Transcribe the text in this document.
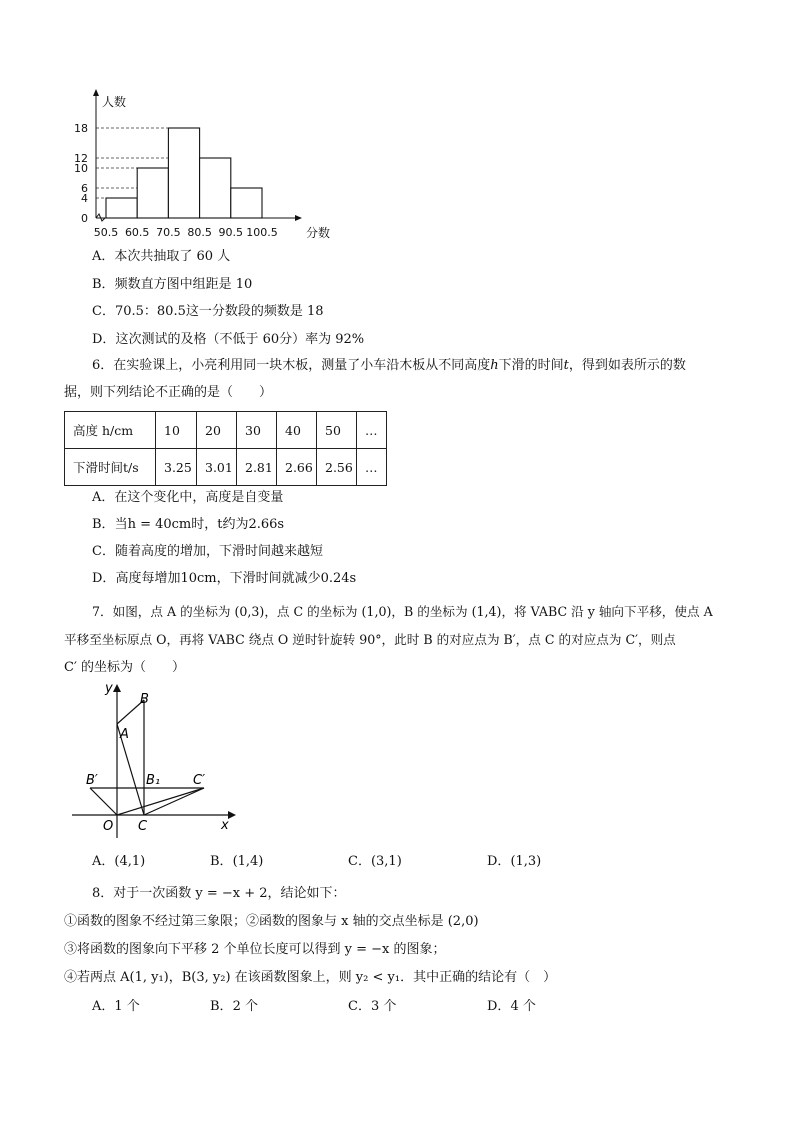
0
4
6
10
12
18
50.5 60.5 70.5 80.5 90.5 100.5
人数
分数
A．本次共抽取了 60 人
B．频数直方图中组距是 10
C．70.5：80.5这一分数段的频数是 18
D．这次测试的及格（不低于 60分）率为 92%
6．在实验课上，小亮利用同一块木板，测量了小车沿木板从不同高度h下滑的时间t，得到如表所示的数
据，则下列结论不正确的是（　　）
高度 h/cm	10	20	30	40	50	…
下滑时间t/s	3.25	3.01	2.81	2.66	2.56	…
A．在这个变化中，高度是自变量
B．当h = 40cm时，t约为2.66s
C．随着高度的增加，下滑时间越来越短
D．高度每增加10cm，下滑时间就减少0.24s
7．如图，点 A 的坐标为 (0,3)，点 C 的坐标为 (1,0)，B 的坐标为 (1,4)，将 VABC 沿 y 轴向下平移，使点 A
平移至坐标原点 O，再将 VABC 绕点 O 逆时针旋转 90°，此时 B 的对应点为 B′，点 C 的对应点为 C′，则点
C′ 的坐标为（　　）
y
x
B
A
B′	B₁	C′
O C
A．(4,1)	B．(1,4)	C．(3,1)	D．(1,3)
8．对于一次函数 y = −x + 2，结论如下：
①函数的图象不经过第三象限；②函数的图象与 x 轴的交点坐标是 (2,0)
③将函数的图象向下平移 2 个单位长度可以得到 y = −x 的图象；
④若两点 A(1, y₁)，B(3, y₂) 在该函数图象上，则 y₂ < y₁．其中正确的结论有（　）
A．1 个	B．2 个	C．3 个	D．4 个
